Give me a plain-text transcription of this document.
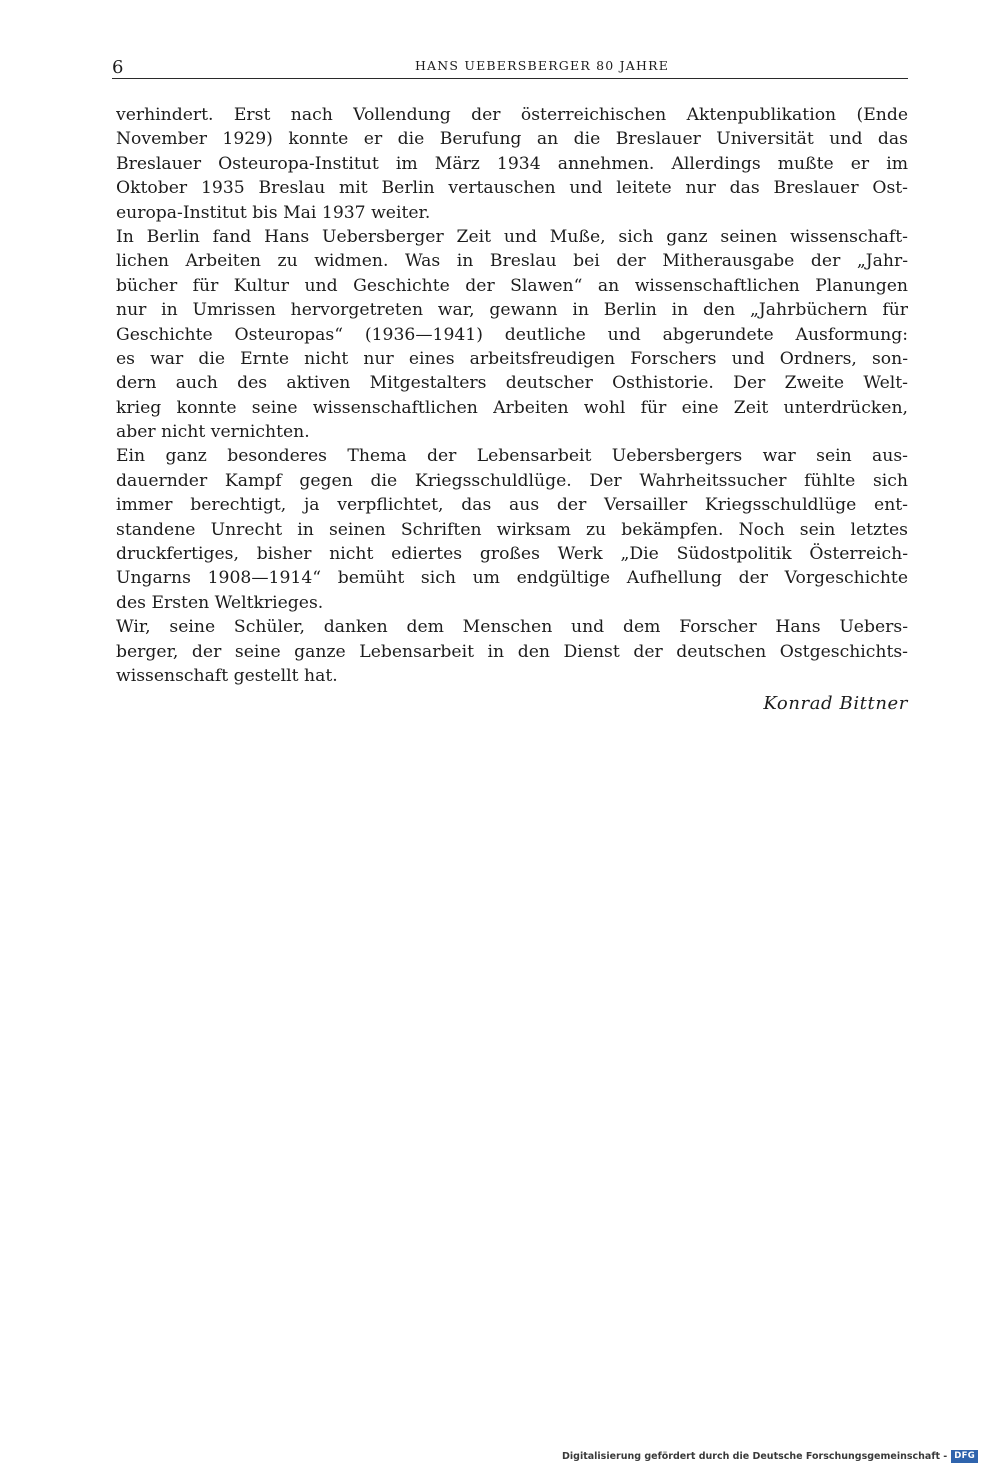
6	HANS UEBERSBERGER 80 JAHRE
verhindert. Erst nach Vollendung der österreichischen Aktenpublikation (Ende
November 1929) konnte er die Berufung an die Breslauer Universität und das
Breslauer Osteuropa-Institut im März 1934 annehmen. Allerdings mußte er im
Oktober 1935 Breslau mit Berlin vertauschen und leitete nur das Breslauer Ost-
europa-Institut bis Mai 1937 weiter.
In Berlin fand Hans Uebersberger Zeit und Muße, sich ganz seinen wissenschaft-
lichen Arbeiten zu widmen. Was in Breslau bei der Mitherausgabe der „Jahr-
bücher für Kultur und Geschichte der Slawen“ an wissenschaftlichen Planungen
nur in Umrissen hervorgetreten war, gewann in Berlin in den „Jahrbüchern für
Geschichte Osteuropas“ (1936—1941) deutliche und abgerundete Ausformung:
es war die Ernte nicht nur eines arbeitsfreudigen Forschers und Ordners, son-
dern auch des aktiven Mitgestalters deutscher Osthistorie. Der Zweite Welt-
krieg konnte seine wissenschaftlichen Arbeiten wohl für eine Zeit unterdrücken,
aber nicht vernichten.
Ein ganz besonderes Thema der Lebensarbeit Uebersbergers war sein aus-
dauernder Kampf gegen die Kriegsschuldlüge. Der Wahrheitssucher fühlte sich
immer berechtigt, ja verpflichtet, das aus der Versailler Kriegsschuldlüge ent-
standene Unrecht in seinen Schriften wirksam zu bekämpfen. Noch sein letztes
druckfertiges, bisher nicht ediertes großes Werk „Die Südostpolitik Österreich-
Ungarns 1908—1914“ bemüht sich um endgültige Aufhellung der Vorgeschichte
des Ersten Weltkrieges.
Wir, seine Schüler, danken dem Menschen und dem Forscher Hans Uebers-
berger, der seine ganze Lebensarbeit in den Dienst der deutschen Ostgeschichts-
wissenschaft gestellt hat.
Konrad Bittner
Digitalisierung gefördert durch die Deutsche Forschungsgemeinschaft - DFG
